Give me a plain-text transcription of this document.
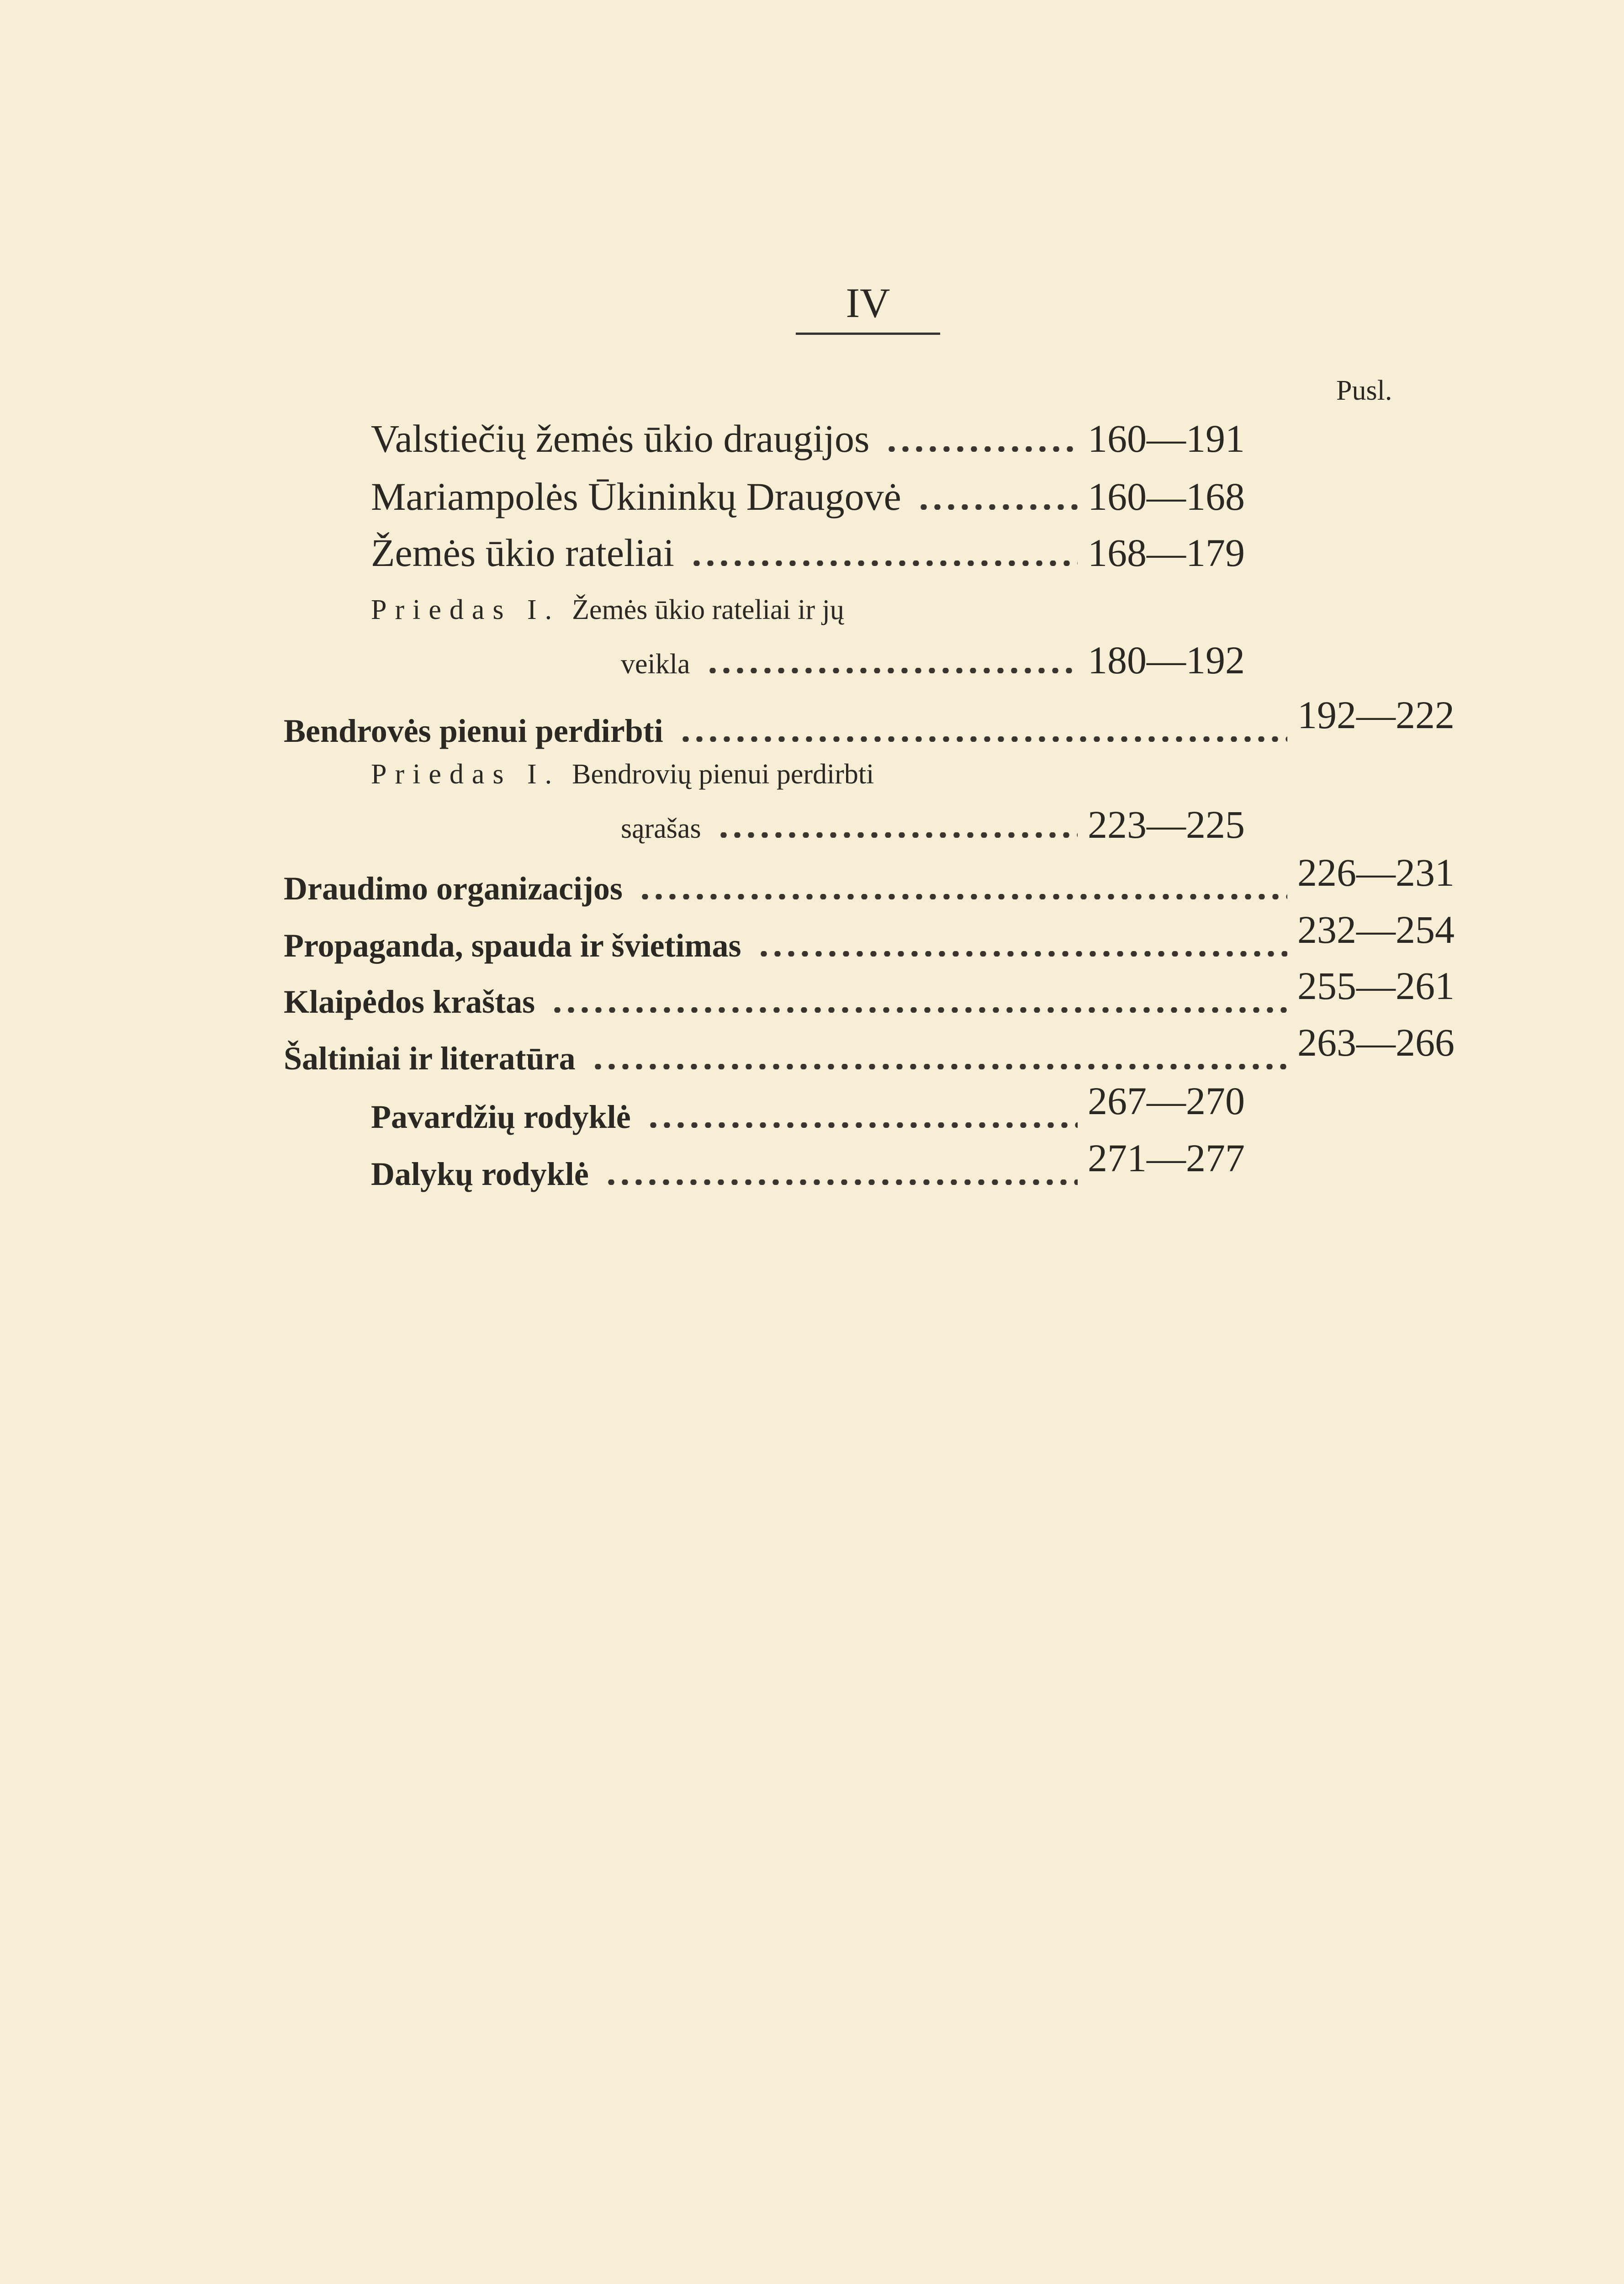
IV
Pusl.
Valstiečių žemės ūkio draugijos	160—191
Mariampolės Ūkininkų Draugovė	160—168
Žemės ūkio rateliai	168—179
Priedas I. Žemės ūkio rateliai ir jų
veikla	180—192
Bendrovės pienui perdirbti	192—222
Priedas I. Bendrovių pienui perdirbti
sąrašas	223—225
Draudimo organizacijos	226—231
Propaganda, spauda ir švietimas	232—254
Klaipėdos kraštas	255—261
Šaltiniai ir literatūra	263—266
Pavardžių rodyklė	267—270
Dalykų rodyklė	271—277
